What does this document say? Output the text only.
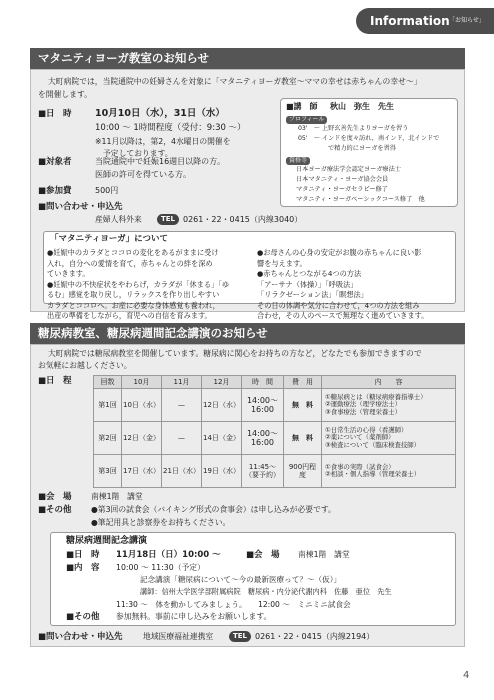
Information 「お知らせ」
マタニティヨーガ教室のお知らせ
大町病院では，当院通院中の妊婦さんを対象に「マタニティヨーガ教室〜ママの幸せは赤ちゃんの幸せ〜」
を開催します。
■日　時 10月10日（水），31日（水）
10:00 〜 1時間程度（受付：9:30 〜）
※11月以降は，第2，4水曜日の開催を
予定しております。
■対象者	当院通院中で妊娠16週目以降の方。
医師の許可を得ている方。
■参加費	500円
■問い合わせ・申込先
産婦人科外来	TEL 0261・22・0415（内線3040）
■講　師 秋山　弥生　先生
プロフィール
03'　〜 上野玄善先生よりヨーガを習う
05'　〜 インドを度々訪れ，南インド，北インドで
で精力的にヨーガを習得
資格等
日本ヨーガ療法学会認定ヨーガ療法士
日本マタニティ・ヨーガ協会会員
マタニティ・ヨーガセラピー修了
マタニティ・ヨーガベーシックコース修了　他
「マタニティヨーガ」について
●妊娠中のカラダとココロの変化をあるがままに受け
入れ，自分への愛情を育て，赤ちゃんとの絆を深め
ていきます。
●妊娠中の不快症状をやわらげ，カラダが「休まる」「ゆ
るむ」感覚を取り戻し，リラックスを作り出しやすい
カラダとココロへ。お産に必要な身体感覚も養われ，
出産の準備をしながら，育児への自信を育みます。
●お母さんの心身の安定がお腹の赤ちゃんに良い影
響を与えます。
●赤ちゃんとつながる4つの方法
「アーサナ（体操）」「呼吸法」
「リラクゼーション法」「瞑想法」
その日の体調や気分に合わせて，4つの方法を組み
合わせ，その人のペースで無理なく進めていきます。
糖尿病教室、糖尿病週間記念講演のお知らせ
大町病院では糖尿病教室を開催しています。糖尿病に関心をお持ちの方など，どなたでも参加できますので
お気軽にお越しください。
■日　程	回数	10月	11月	12月	時　間	費　用	内　　容
第1回	10日（水）	—	12日（水）	14:00〜16:00	無　料	①糖尿病とは（糖尿病療養指導士）
②運動療法（理学療法士）
③食事療法（管理栄養士）

第2回	12日（金）	—	14日（金）	14:00〜16:00	無　料	①日常生活の心得（看護師）
②薬について（薬剤師）
③検査について（臨床検査技師）

第3回	17日（水）	21日（水）	19日（水）	11:45〜（要予約）	900円程　度	①食事の実際（試食会）
②相談・個人指導（管理栄養士）
■会　場 南棟1階　講堂
■その他 ●第3回の試食会（バイキング形式の食事会）は申し込みが必要です。
●筆記用具と診察券をお持ちください。
糖尿病週間記念講演
■日　時 11月18日（日）10:00 〜	■会　場 南棟1階　講堂
■内　容 10:00 〜 11:30（予定）
記念講演「糖尿病について〜今の最新医療って？〜（仮）」
講師：信州大学医学部附属病院　糖尿病・内分泌代謝内科　佐藤　亜位　先生
11:30 〜　体を動かしてみましょう。　　12:00 〜　ミニミニ試食会
■その他 参加無料。事前に申し込みをお願いします。
■問い合わせ・申込先	地域医療福祉連携室	TEL 0261・22・0415（内線2194）
4
